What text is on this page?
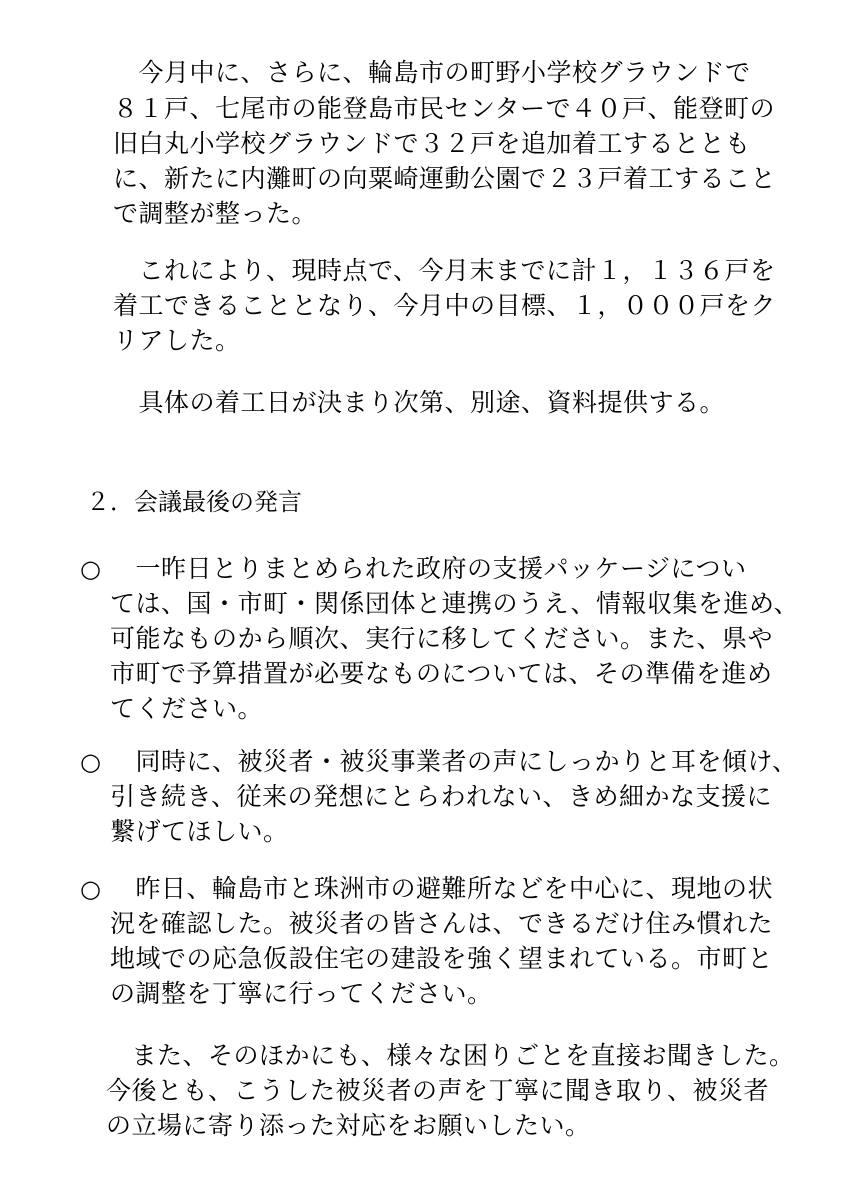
　今月中に、さらに、輪島市の町野小学校グラウンドで
８１戸、七尾市の能登島市民センターで４０戸、能登町の
旧白丸小学校グラウンドで３２戸を追加着工するととも
に、新たに内灘町の向粟崎運動公園で２３戸着工すること
で調整が整った。
　これにより、現時点で、今月末までに計１，１３６戸を
着工できることとなり、今月中の目標、１，０００戸をク
リアした。
　具体の着工日が決まり次第、別途、資料提供する。
２．会議最後の発言
○ 　一昨日とりまとめられた政府の支援パッケージについ
ては、国・市町・関係団体と連携のうえ、情報収集を進め、
可能なものから順次、実行に移してください。また、県や
市町で予算措置が必要なものについては、その準備を進め
てください。
○ 　同時に、被災者・被災事業者の声にしっかりと耳を傾け、
引き続き、従来の発想にとらわれない、きめ細かな支援に
繋げてほしい。
○ 　昨日、輪島市と珠洲市の避難所などを中心に、現地の状
況を確認した。被災者の皆さんは、できるだけ住み慣れた
地域での応急仮設住宅の建設を強く望まれている。市町と
の調整を丁寧に行ってください。
　また、そのほかにも、様々な困りごとを直接お聞きした。
今後とも、こうした被災者の声を丁寧に聞き取り、被災者
の立場に寄り添った対応をお願いしたい。
